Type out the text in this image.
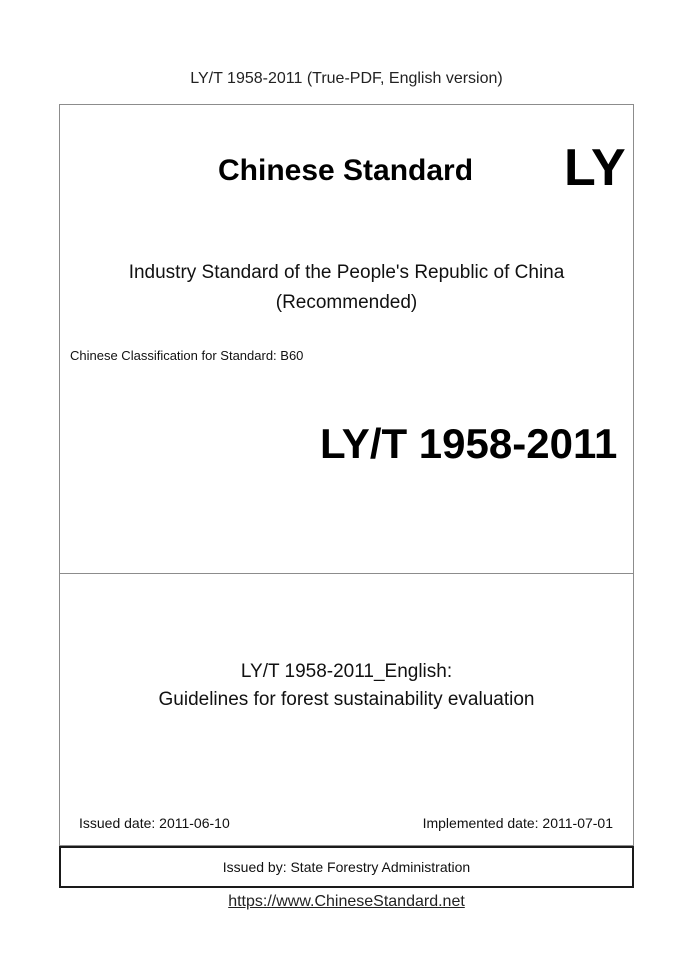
LY/T 1958-2011 (True-PDF, English version)
Chinese Standard LY
Industry Standard of the People's Republic of China
(Recommended)
Chinese Classification for Standard: B60
LY/T 1958-2011
LY/T 1958-2011_English:
Guidelines for forest sustainability evaluation
Issued date: 2011-06-10	Implemented date: 2011-07-01
Issued by: State Forestry Administration
https://www.ChineseStandard.net
